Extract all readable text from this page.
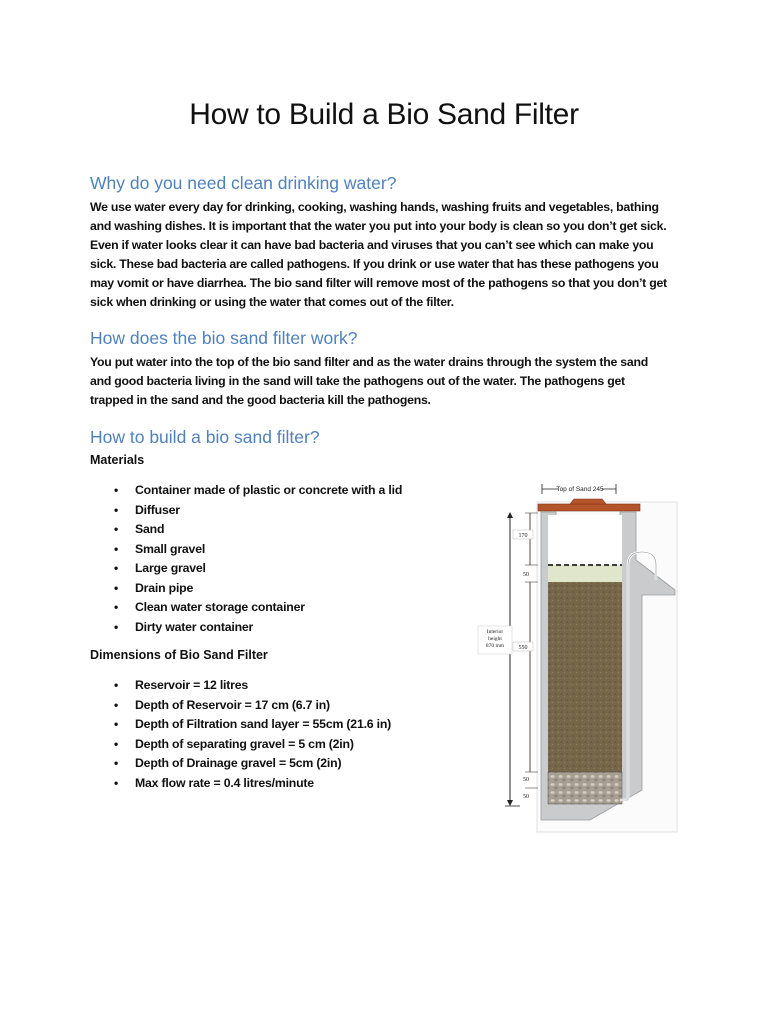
How to Build a Bio Sand Filter
Why do you need clean drinking water?
We use water every day for drinking, cooking, washing hands, washing fruits and vegetables, bathing
and washing dishes. It is important that the water you put into your body is clean so you don’t get sick.
Even if water looks clear it can have bad bacteria and viruses that you can’t see which can make you
sick. These bad bacteria are called pathogens. If you drink or use water that has these pathogens you
may vomit or have diarrhea. The bio sand filter will remove most of the pathogens so that you don’t get
sick when drinking or using the water that comes out of the filter.
How does the bio sand filter work?
You put water into the top of the bio sand filter and as the water drains through the system the sand
and good bacteria living in the sand will take the pathogens out of the water. The pathogens get
trapped in the sand and the good bacteria kill the pathogens.
How to build a bio sand filter?
Materials
• Container made of plastic or concrete with a lid
• Diffuser
• Sand
• Small gravel
• Large gravel
• Drain pipe
• Clean water storage container
• Dirty water container
Dimensions of Bio Sand Filter
• Reservoir = 12 litres
• Depth of Reservoir = 17 cm (6.7 in)
• Depth of Filtration sand layer = 55cm (21.6 in)
• Depth of separating gravel = 5 cm (2in)
• Depth of Drainage gravel = 5cm (2in)
• Max flow rate = 0.4 litres/minute
Top of Sand 245
Interior
height
870 mm
170
50
550
50
50
